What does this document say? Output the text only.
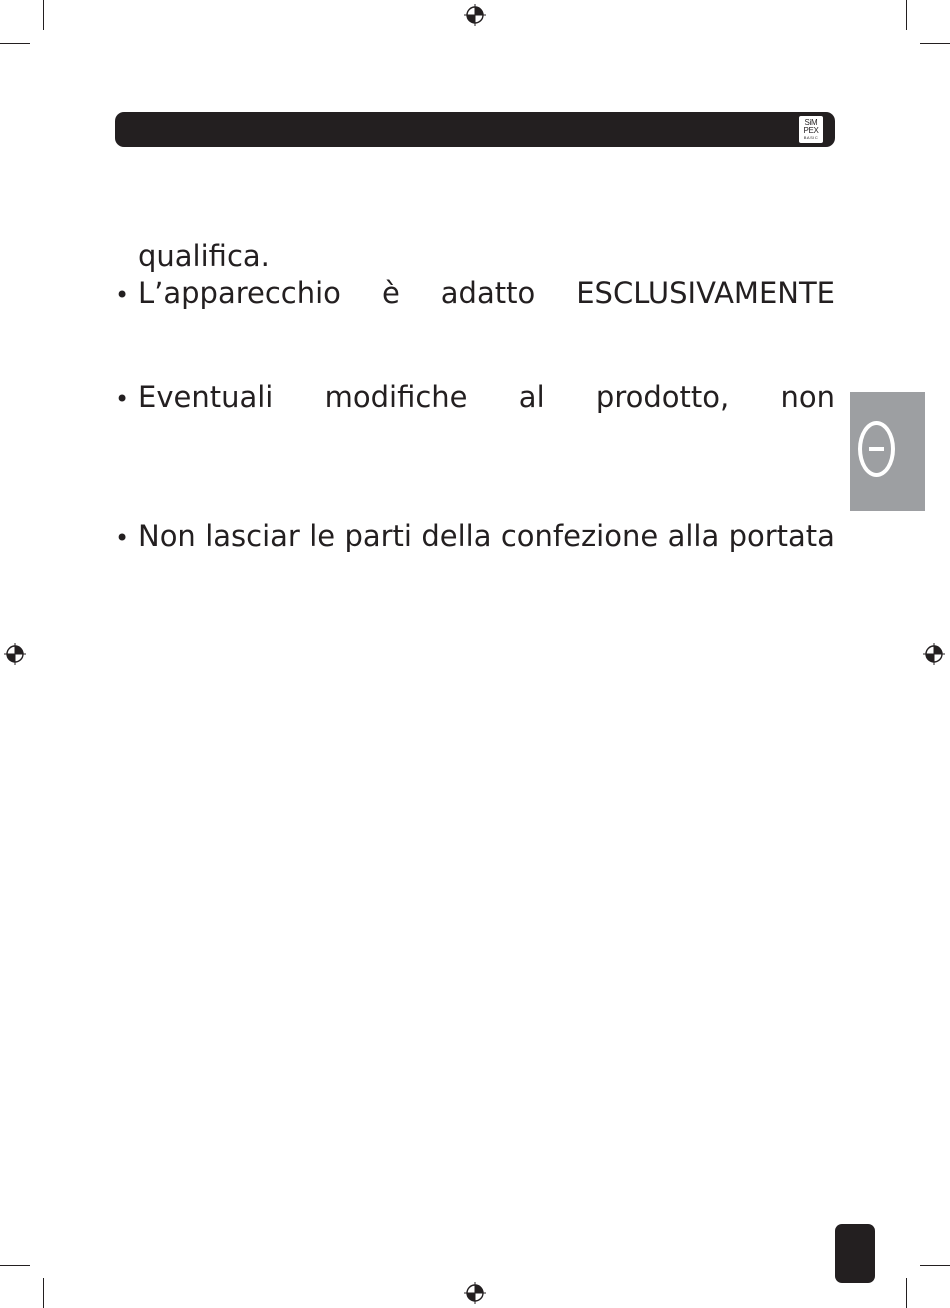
SiM
PEX
BASIC
qualifica.
• L’apparecchio è adatto ESCLUSIVAMENTE
• Eventuali modifiche al prodotto, non
• Non lasciar le parti della confezione alla portata
